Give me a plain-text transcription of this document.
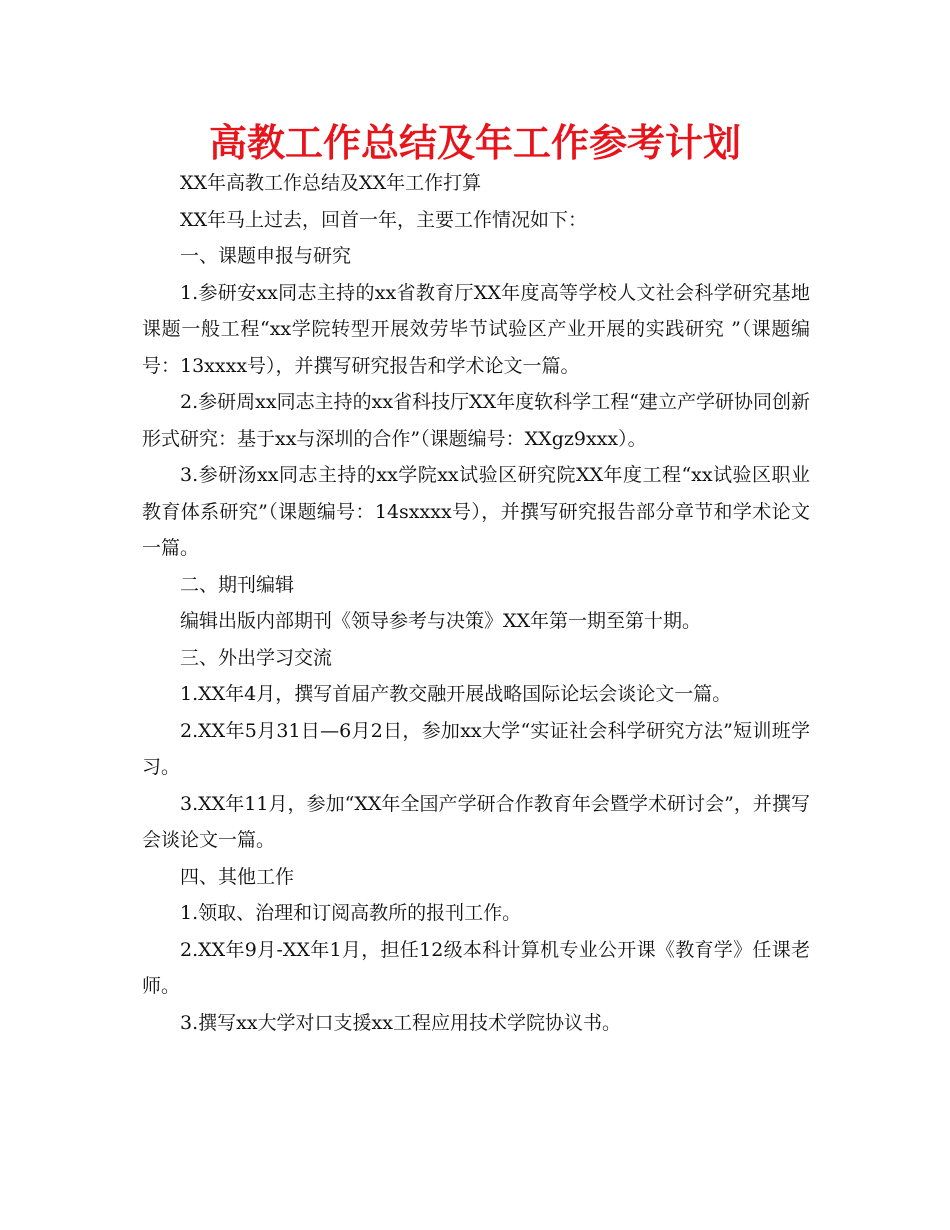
高教工作总结及年工作参考计划

XX年高教工作总结及XX年工作打算

XX年马上过去，回首一年，主要工作情况如下：

一、课题申报与研究

1.参研安xx同志主持的xx省教育厅XX年度高等学校人文社会科学研究基地课题一般工程“xx学院转型开展效劳毕节试验区产业开展的实践研究 ”（课题编号：13xxxx号），并撰写研究报告和学术论文一篇。

2.参研周xx同志主持的xx省科技厅XX年度软科学工程“建立产学研协同创新形式研究：基于xx与深圳的合作”（课题编号：XXgz9xxx）。

3.参研汤xx同志主持的xx学院xx试验区研究院XX年度工程“xx试验区职业教育体系研究”（课题编号：14sxxxx号），并撰写研究报告部分章节和学术论文一篇。

二、期刊编辑

编辑出版内部期刊《领导参考与决策》XX年第一期至第十期。

三、外出学习交流

1.XX年4月，撰写首届产教交融开展战略国际论坛会谈论文一篇。

2.XX年5月31日—6月2日，参加xx大学“实证社会科学研究方法”短训班学习。

3.XX年11月，参加“XX年全国产学研合作教育年会暨学术研讨会”，并撰写会谈论文一篇。

四、其他工作

1.领取、治理和订阅高教所的报刊工作。

2.XX年9月-XX年1月，担任12级本科计算机专业公开课《教育学》任课老师。

3.撰写xx大学对口支援xx工程应用技术学院协议书。
